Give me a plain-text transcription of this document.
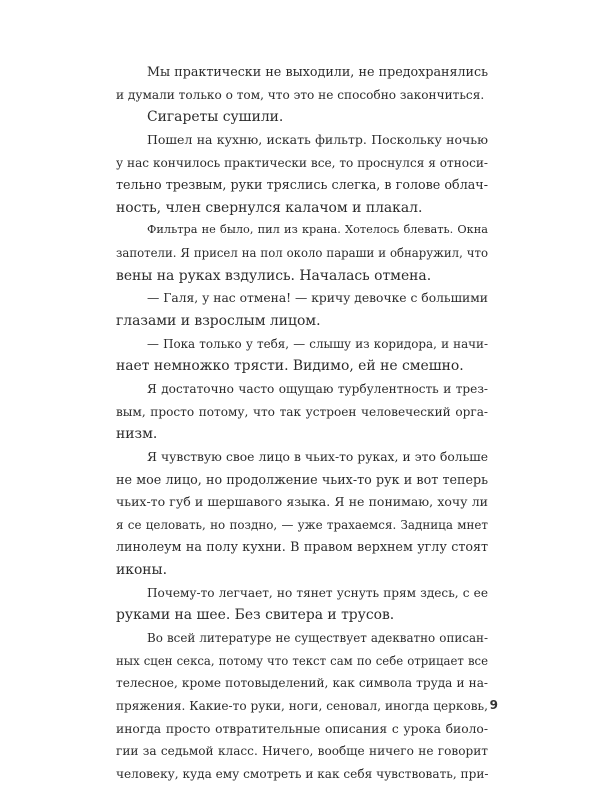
Мы практически не выходили, не предохранялись
и думали только о том, что это не способно закончиться.
Сигареты сушили.
Пошел на кухню, искать фильтр. Поскольку ночью
у нас кончилось практически все, то проснулся я относи-
тельно трезвым, руки тряслись слегка, в голове облач-
ность, член свернулся калачом и плакал.
Фильтра не было, пил из крана. Хотелось блевать. Окна
запотели. Я присел на пол около параши и обнаружил, что
вены на руках вздулись. Началась отмена.
— Галя, у нас отмена! — кричу девочке с большими
глазами и взрослым лицом.
— Пока только у тебя, — слышу из коридора, и начи-
нает немножко трясти. Видимо, ей не смешно.
Я достаточно часто ощущаю турбулентность и трез-
вым, просто потому, что так устроен человеческий орга-
низм.
Я чувствую свое лицо в чьих-то руках, и это больше
не мое лицо, но продолжение чьих-то рук и вот теперь
чьих-то губ и шершавого языка. Я не понимаю, хочу ли
я се целовать, но поздно, — уже трахаемся. Задница мнет
линолеум на полу кухни. В правом верхнем углу стоят
иконы.
Почему-то легчает, но тянет уснуть прям здесь, с ее
руками на шее. Без свитера и трусов.
Во всей литературе не существует адекватно описан-
ных сцен секса, потому что текст сам по себе отрицает все
телесное, кроме потовыделений, как символа труда и на-
пряжения. Какие-то руки, ноги, сеновал, иногда церковь,
иногда просто отвратительные описания с урока биоло-
гии за седьмой класс. Ничего, вообще ничего не говорит
человеку, куда ему смотреть и как себя чувствовать, при-
9
